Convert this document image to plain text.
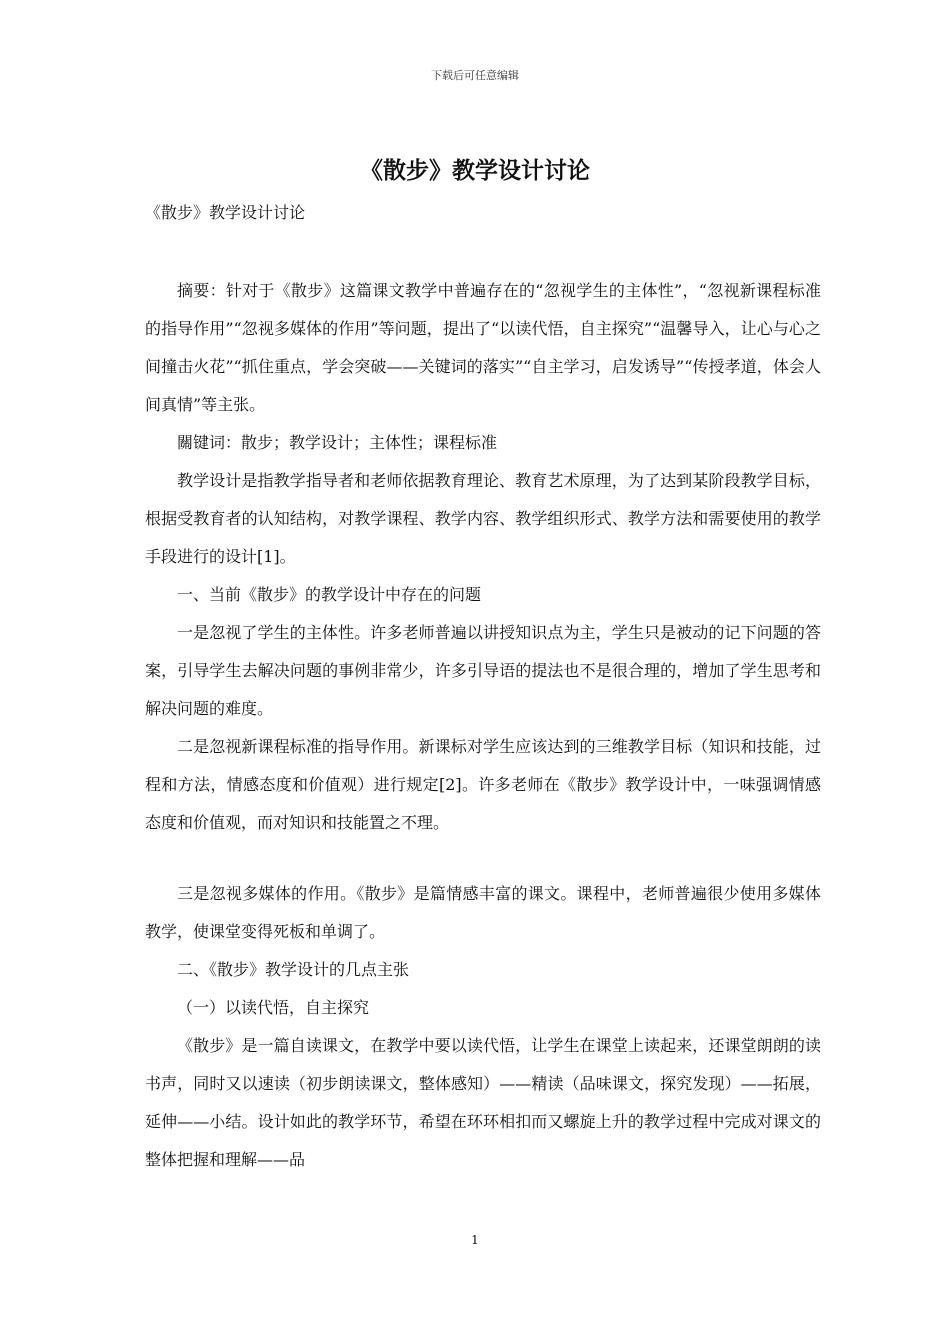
下载后可任意编辑
《散步》教学设计讨论
《散步》教学设计讨论

摘要：针对于《散步》这篇课文教学中普遍存在的“忽视学生的主体性”，“忽视新课程标准的指导作用”“忽视多媒体的作用”等问题，提出了“以读代悟，自主探究”“温馨导入，让心与心之间撞击火花”“抓住重点，学会突破——关键词的落实”“自主学习，启发诱导”“传授孝道，体会人间真情”等主张。

關键词：散步；教学设计；主体性；课程标准

教学设计是指教学指导者和老师依据教育理论、教育艺术原理，为了达到某阶段教学目标，根据受教育者的认知结构，对教学课程、教学内容、教学组织形式、教学方法和需要使用的教学手段进行的设计[1]。

一、当前《散步》的教学设计中存在的问题

一是忽视了学生的主体性。许多老师普遍以讲授知识点为主，学生只是被动的记下问题的答案，引导学生去解决问题的事例非常少，许多引导语的提法也不是很合理的，增加了学生思考和解决问题的难度。

二是忽视新课程标准的指导作用。新课标对学生应该达到的三维教学目标（知识和技能，过程和方法，情感态度和价值观）进行规定[2]。许多老师在《散步》教学设计中，一味强调情感态度和价值观，而对知识和技能置之不理。

三是忽视多媒体的作用。《散步》是篇情感丰富的课文。课程中，老师普遍很少使用多媒体教学，使课堂变得死板和单调了。

二、《散步》教学设计的几点主张

（一）以读代悟，自主探究

《散步》是一篇自读课文，在教学中要以读代悟，让学生在课堂上读起来，还课堂朗朗的读书声，同时又以速读（初步朗读课文，整体感知）——精读（品味课文，探究发现）——拓展，延伸——小结。设计如此的教学环节，希望在环环相扣而又螺旋上升的教学过程中完成对课文的整体把握和理解——品

1
